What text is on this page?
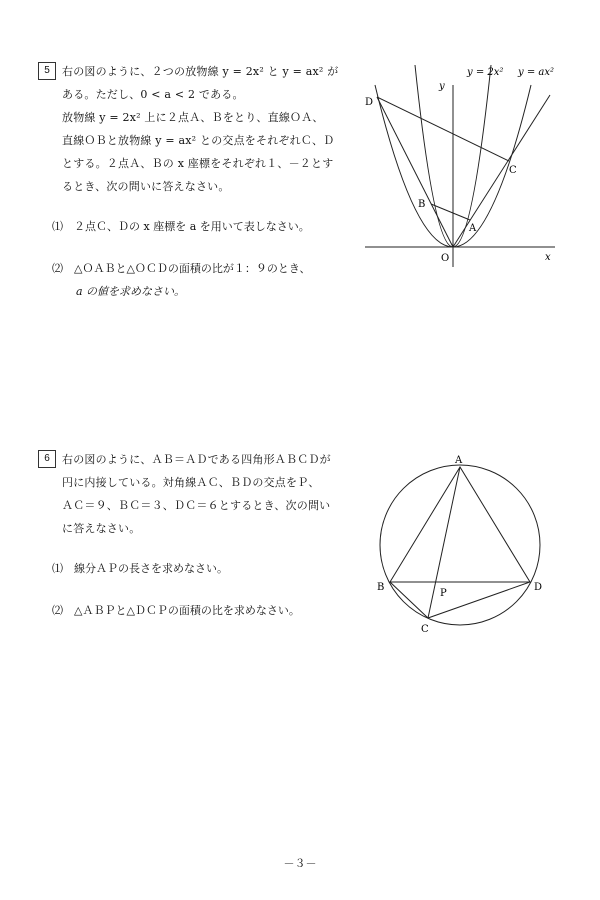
5	右の図のように、２つの放物線 y = 2x² と y = ax² が
ある。ただし、0 < a < 2 である。
放物線 y = 2x² 上に２点Ａ、Ｂをとり、直線ＯＡ、
直線ＯＢと放物線 y = ax² との交点をそれぞれＣ、Ｄ
とする。２点Ａ、Ｂの x 座標をそれぞれ１、－２とす
るとき、次の問いに答えなさい。
⑴　２点Ｃ、Ｄの x 座標を a を用いて表しなさい。
⑵　△ＯＡＢと△ＯＣＤの面積の比が１：９のとき、
a の値を求めなさい。
y = 2x² y = ax²
y
x
O
A
B
C
D
6	右の図のように、ＡＢ＝ＡＤである四角形ＡＢＣＤが
円に内接している。対角線ＡＣ、ＢＤの交点をＰ、
ＡＣ＝９、ＢＣ＝３、ＤＣ＝６とするとき、次の問い
に答えなさい。
⑴　線分ＡＰの長さを求めなさい。
⑵　△ＡＢＰと△ＤＣＰの面積の比を求めなさい。
A
B
C
D
P
－３－
